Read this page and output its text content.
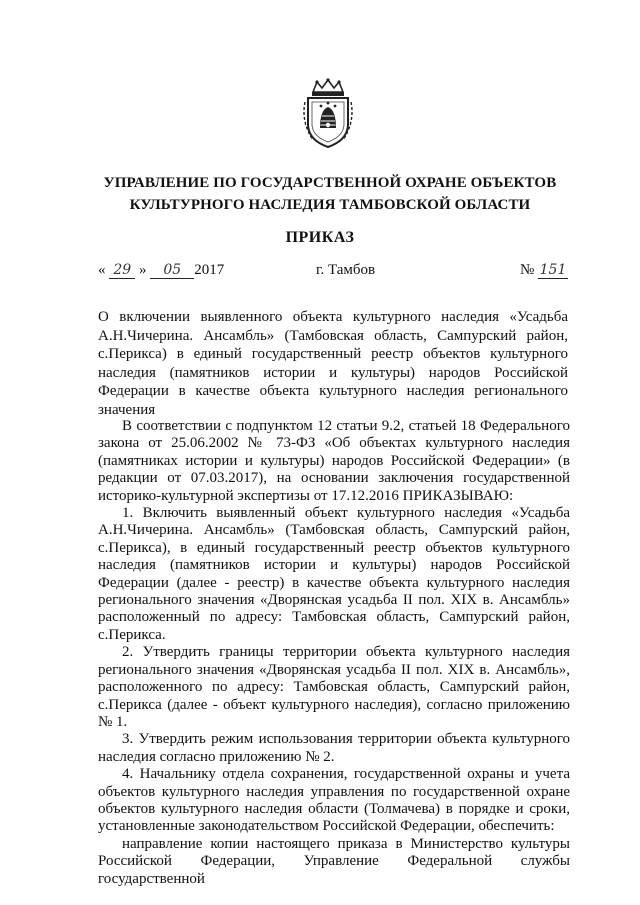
УПРАВЛЕНИЕ ПО ГОСУДАРСТВЕННОЙ ОХРАНЕ ОБЪЕКТОВ КУЛЬТУРНОГО НАСЛЕДИЯ ТАМБОВСКОЙ ОБЛАСТИ
ПРИКАЗ
« 29 » 05 2017	г. Тамбов	№ 151
О включении выявленного объекта культурного наследия «Усадьба А.Н.Чичерина. Ансамбль» (Тамбовская область, Сампурский район, с.Перикса) в единый государственный реестр объектов культурного наследия (памятников истории и культуры) народов Российской Федерации в качестве объекта культурного наследия регионального значения

В соответствии с подпунктом 12 статьи 9.2, статьей 18 Федерального закона от 25.06.2002 № 73-ФЗ «Об объектах культурного наследия (памятниках истории и культуры) народов Российской Федерации» (в редакции от 07.03.2017), на основании заключения государственной историко-культурной экспертизы от 17.12.2016 ПРИКАЗЫВАЮ:

1. Включить выявленный объект культурного наследия «Усадьба А.Н.Чичерина. Ансамбль» (Тамбовская область, Сампурский район, с.Перикса), в единый государственный реестр объектов культурного наследия (памятников истории и культуры) народов Российской Федерации (далее - реестр) в качестве объекта культурного наследия регионального значения «Дворянская усадьба II пол. XIX в. Ансамбль» расположенный по адресу: Тамбовская область, Сампурский район, с.Перикса.

2. Утвердить границы территории объекта культурного наследия регионального значения «Дворянская усадьба II пол. XIX в. Ансамбль», расположенного по адресу: Тамбовская область, Сампурский район, с.Перикса (далее - объект культурного наследия), согласно приложению № 1.

3. Утвердить режим использования территории объекта культурного наследия согласно приложению № 2.

4. Начальнику отдела сохранения, государственной охраны и учета объектов культурного наследия управления по государственной охране объектов культурного наследия области (Толмачева) в порядке и сроки, установленные законодательством Российской Федерации, обеспечить:

направление копии настоящего приказа в Министерство культуры Российской Федерации, Управление Федеральной службы государственной
